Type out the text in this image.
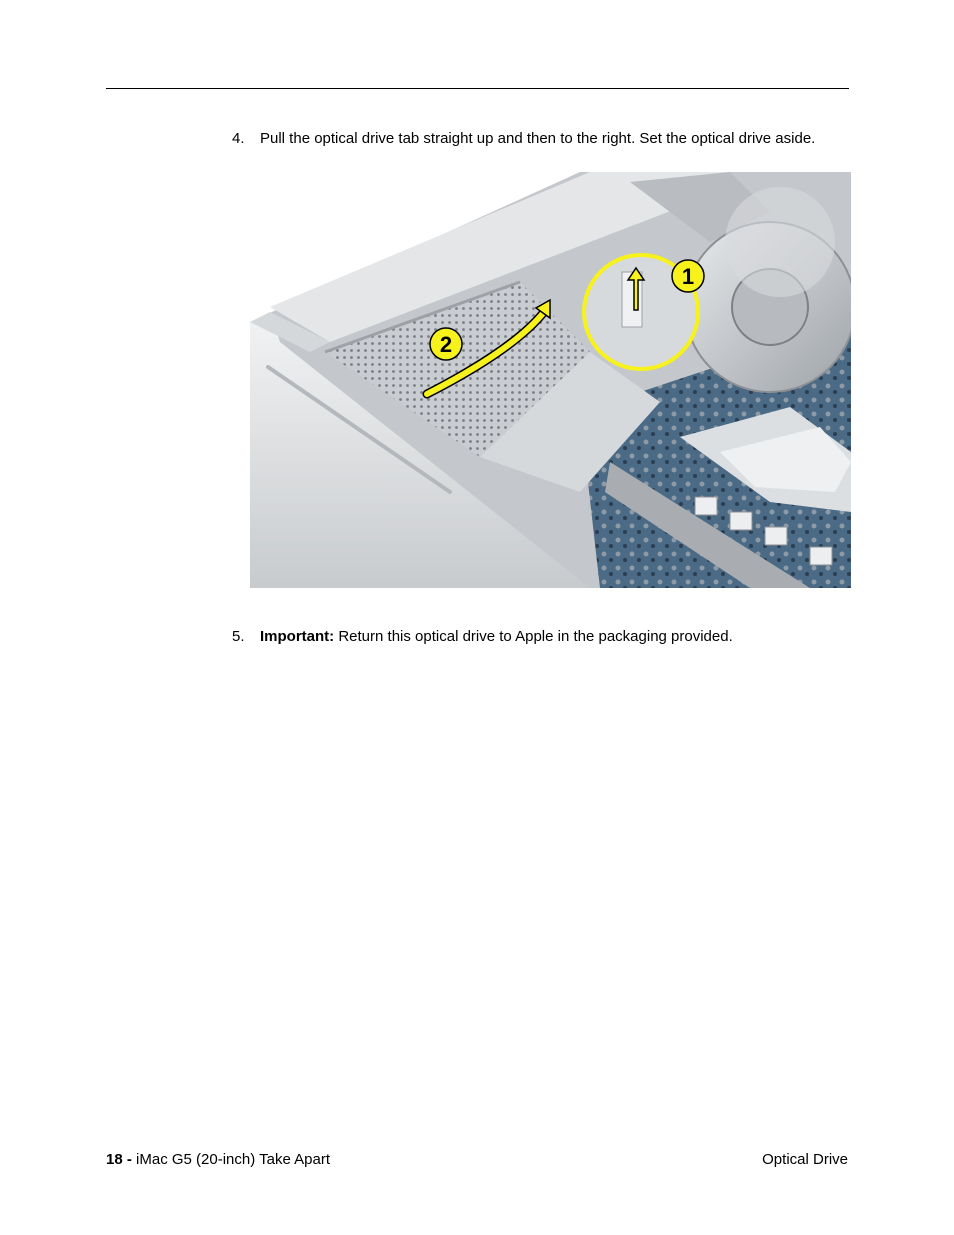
4. Pull the optical drive tab straight up and then to the right. Set the optical drive aside.
1
2
5. Important: Return this optical drive to Apple in the packaging provided.
18 - iMac G5 (20-inch) Take Apart	Optical Drive
